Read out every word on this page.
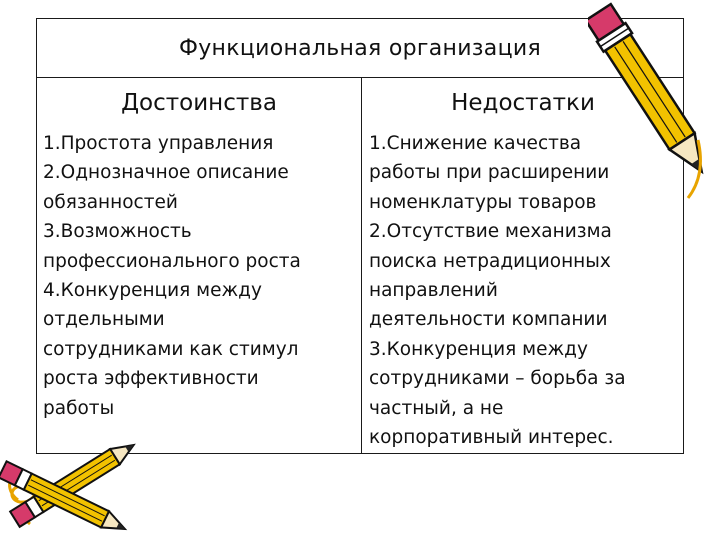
Функциональная организация
Достоинства	Недостатки
1.Простота управления
2.Однозначное описание
обязанностей
3.Возможность
профессионального роста
4.Конкуренция между
отдельными
сотрудниками как стимул
роста эффективности
работы
1.Снижение качества
работы при расширении
номенклатуры товаров
2.Отсутствие механизма
поиска нетрадиционных
направлений
деятельности компании
3.Конкуренция между
сотрудниками – борьба за
частный, а не
корпоративный интерес.
